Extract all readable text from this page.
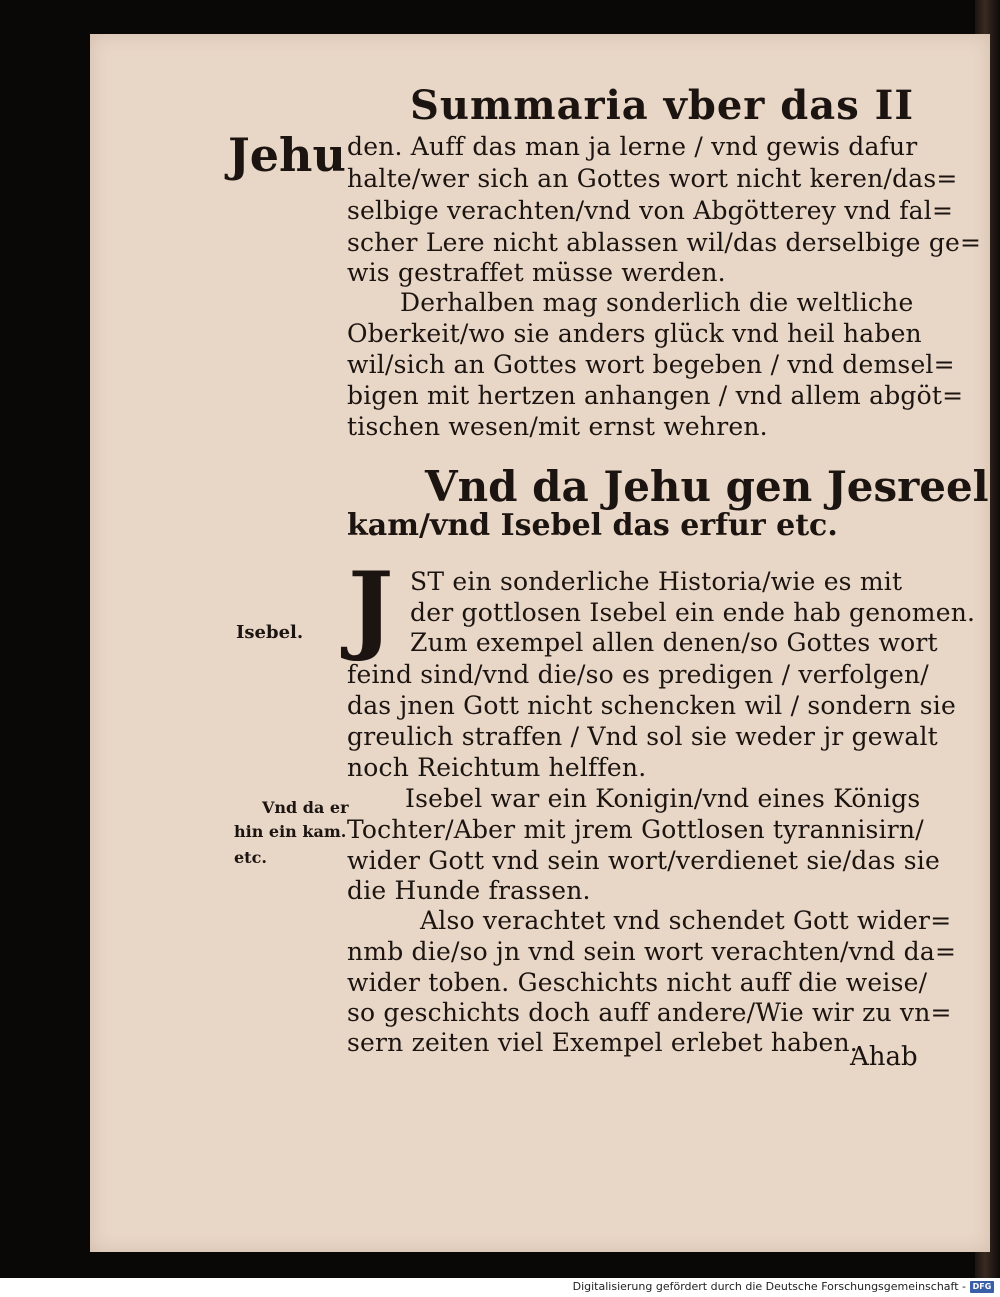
Summaria vber das II
Jehu den. Auff das man ja lerne / vnd gewis dafur
halte/wer sich an Gottes wort nicht keren/das=
selbige verachten/vnd von Abgötterey vnd fal=
scher Lere nicht ablassen wil/das derselbige ge=
wis gestraffet müsse werden.
Derhalben mag sonderlich die weltliche
Oberkeit/wo sie anders glück vnd heil haben
wil/sich an Gottes wort begeben / vnd demsel=
bigen mit hertzen anhangen / vnd allem abgöt=
tischen wesen/mit ernst wehren.
Vnd da Jehu gen Jesreel
kam/vnd Isebel das erfur etc.
J ST ein sonderliche Historia/wie es mit
der gottlosen Isebel ein ende hab genomen.
Zum exempel allen denen/so Gottes wort
feind sind/vnd die/so es predigen / verfolgen/
das jnen Gott nicht schencken wil / sondern sie
greulich straffen / Vnd sol sie weder jr gewalt
noch Reichtum helffen.
Isebel war ein Konigin/vnd eines Königs
Tochter/Aber mit jrem Gottlosen tyrannisirn/
wider Gott vnd sein wort/verdienet sie/das sie
die Hunde frassen.
Also verachtet vnd schendet Gott wider=
nmb die/so jn vnd sein wort verachten/vnd da=
wider toben. Geschichts nicht auff die weise/
so geschichts doch auff andere/Wie wir zu vn=
sern zeiten viel Exempel erlebet haben.
Isebel.
Vnd da er
hin ein kam.
etc.
Ahab
Digitalisierung gefördert durch die Deutsche Forschungsgemeinschaft - DFG
